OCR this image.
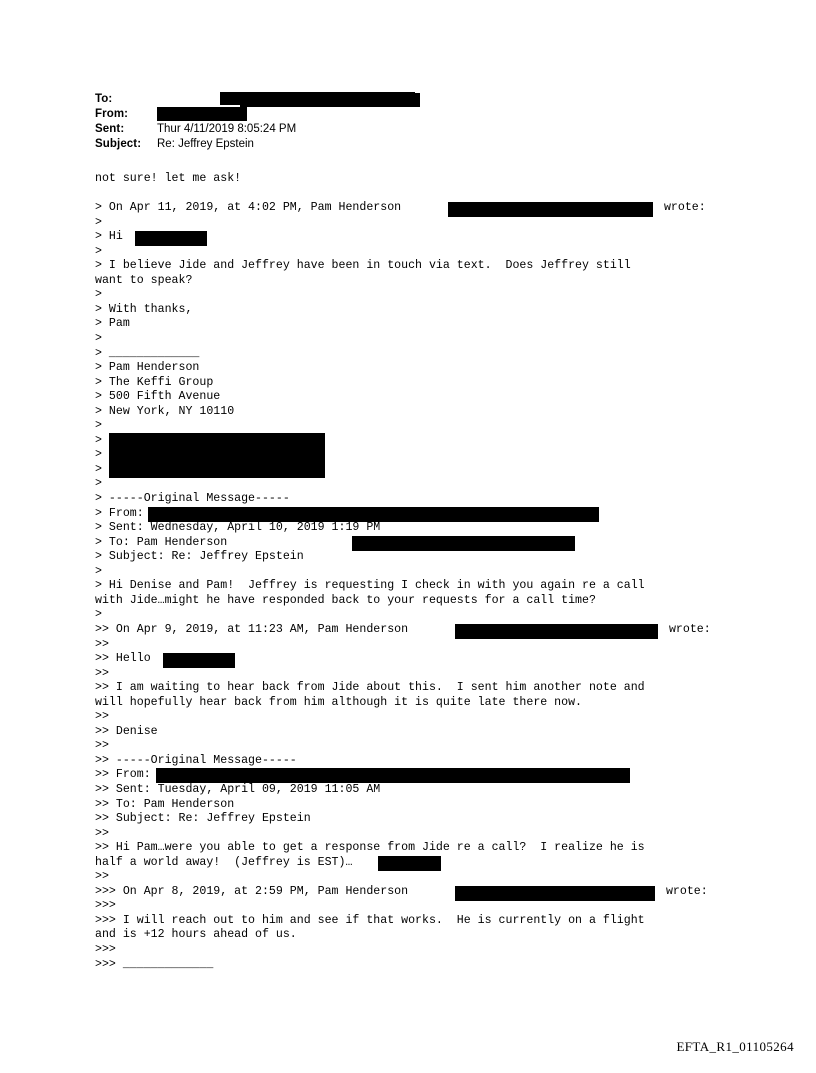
To:

From:

Sent:	Thur 4/11/2019 8:05:24 PM
Subject:	Re: Jeffrey Epstein
not sure! let me ask!
> On Apr 11, 2019, at 4:02 PM, Pam Henderson	wrote:
>
> Hi
>
> I believe Jide and Jeffrey have been in touch via text.  Does Jeffrey still
want to speak?
>
> With thanks,
> Pam
>
> _____________
> Pam Henderson
> The Keffi Group
> 500 Fifth Avenue
> New York, NY 10110
>
>
>
>
>
> -----Original Message-----
> From:
> Sent: Wednesday, April 10, 2019 1:19 PM
> To: Pam Henderson
> Subject: Re: Jeffrey Epstein
>
> Hi Denise and Pam!  Jeffrey is requesting I check in with you again re a call
with Jide…might he have responded back to your requests for a call time?
>
>> On Apr 9, 2019, at 11:23 AM, Pam Henderson	wrote:
>>
>> Hello
>>
>> I am waiting to hear back from Jide about this.  I sent him another note and
will hopefully hear back from him although it is quite late there now.
>>
>> Denise
>>
>> -----Original Message-----
>> From:
>> Sent: Tuesday, April 09, 2019 11:05 AM
>> To: Pam Henderson
>> Subject: Re: Jeffrey Epstein
>>
>> Hi Pam…were you able to get a response from Jide re a call?  I realize he is
half a world away!  (Jeffrey is EST)…
>>
>>> On Apr 8, 2019, at 2:59 PM, Pam Henderson	wrote:
>>>
>>> I will reach out to him and see if that works.  He is currently on a flight
and is +12 hours ahead of us.
>>>
>>> _____________
EFTA_R1_01105264
